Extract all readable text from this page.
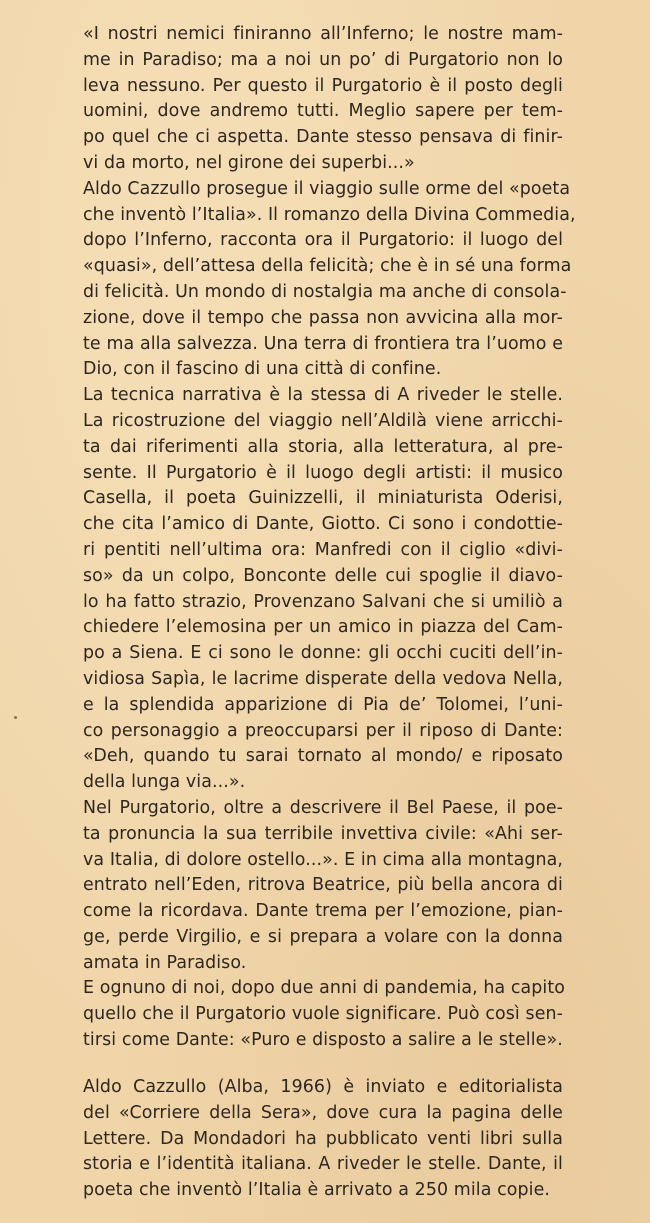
«I nostri nemici finiranno all’Inferno; le nostre mam-
me in Paradiso; ma a noi un po’ di Purgatorio non lo
leva nessuno. Per questo il Purgatorio è il posto degli
uomini, dove andremo tutti. Meglio sapere per tem-
po quel che ci aspetta. Dante stesso pensava di finir-
vi da morto, nel girone dei superbi...»
Aldo Cazzullo prosegue il viaggio sulle orme del «poeta
che inventò l’Italia». Il romanzo della Divina Commedia,
dopo l’Inferno, racconta ora il Purgatorio: il luogo del
«quasi», dell’attesa della felicità; che è in sé una forma
di felicità. Un mondo di nostalgia ma anche di consola-
zione, dove il tempo che passa non avvicina alla mor-
te ma alla salvezza. Una terra di frontiera tra l’uomo e
Dio, con il fascino di una città di confine.
La tecnica narrativa è la stessa di A riveder le stelle.
La ricostruzione del viaggio nell’Aldilà viene arricchi-
ta dai riferimenti alla storia, alla letteratura, al pre-
sente. Il Purgatorio è il luogo degli artisti: il musico
Casella, il poeta Guinizzelli, il miniaturista Oderisi,
che cita l’amico di Dante, Giotto. Ci sono i condottie-
ri pentiti nell’ultima ora: Manfredi con il ciglio «divi-
so» da un colpo, Bonconte delle cui spoglie il diavo-
lo ha fatto strazio, Provenzano Salvani che si umiliò a
chiedere l’elemosina per un amico in piazza del Cam-
po a Siena. E ci sono le donne: gli occhi cuciti dell’in-
vidiosa Sapìa, le lacrime disperate della vedova Nella,
e la splendida apparizione di Pia de’ Tolomei, l’uni-
co personaggio a preoccuparsi per il riposo di Dante:
«Deh, quando tu sarai tornato al mondo/ e riposato
della lunga via...».
Nel Purgatorio, oltre a descrivere il Bel Paese, il poe-
ta pronuncia la sua terribile invettiva civile: «Ahi ser-
va Italia, di dolore ostello...». E in cima alla montagna,
entrato nell’Eden, ritrova Beatrice, più bella ancora di
come la ricordava. Dante trema per l’emozione, pian-
ge, perde Virgilio, e si prepara a volare con la donna
amata in Paradiso.
E ognuno di noi, dopo due anni di pandemia, ha capito
quello che il Purgatorio vuole significare. Può così sen-
tirsi come Dante: «Puro e disposto a salire a le stelle».
Aldo Cazzullo (Alba, 1966) è inviato e editorialista
del «Corriere della Sera», dove cura la pagina delle
Lettere. Da Mondadori ha pubblicato venti libri sulla
storia e l’identità italiana. A riveder le stelle. Dante, il
poeta che inventò l’Italia è arrivato a 250 mila copie.
